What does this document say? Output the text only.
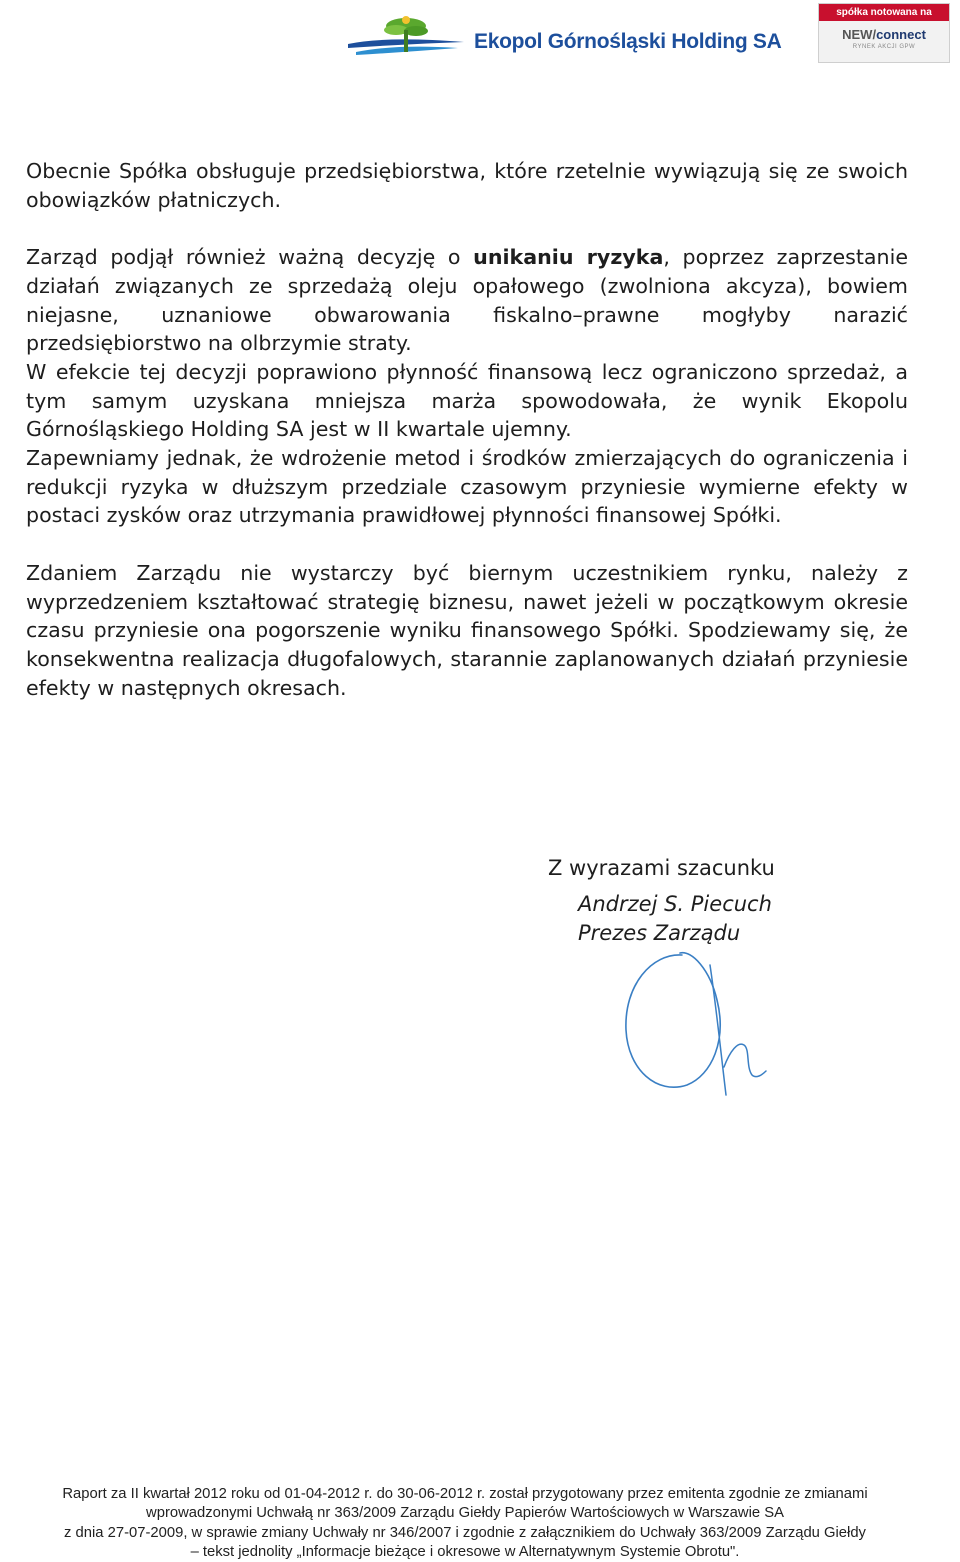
Ekopol Górnośląski Holding SA
spółka notowana na
NEW/connect
RYNEK AKCJI GPW

Obecnie Spółka obsługuje przedsiębiorstwa, które rzetelnie wywiązują się ze swoich obowiązków płatniczych.

Zarząd podjął również ważną decyzję o unikaniu ryzyka, poprzez zaprzestanie działań związanych ze sprzedażą oleju opałowego (zwolniona akcyza), bowiem niejasne, uznaniowe obwarowania fiskalno–prawne mogłyby narazić przedsiębiorstwo na olbrzymie straty.

W efekcie tej decyzji poprawiono płynność finansową lecz ograniczono sprzedaż, a tym samym uzyskana mniejsza marża spowodowała, że wynik Ekopolu Górnośląskiego Holding SA jest w II kwartale ujemny.

Zapewniamy jednak, że wdrożenie metod i środków zmierzających do ograniczenia i redukcji ryzyka w dłuższym przedziale czasowym przyniesie wymierne efekty w postaci zysków oraz utrzymania prawidłowej płynności finansowej Spółki.

Zdaniem Zarządu nie wystarczy być biernym uczestnikiem rynku, należy z wyprzedzeniem kształtować strategię biznesu, nawet jeżeli w początkowym okresie czasu przyniesie ona pogorszenie wyniku finansowego Spółki. Spodziewamy się, że konsekwentna realizacja długofalowych, starannie zaplanowanych działań przyniesie efekty w następnych okresach.

Z wyrazami szacunku
Andrzej S. Piecuch
Prezes Zarządu
Raport za II kwartał 2012 roku od 01-04-2012 r. do 30-06-2012 r. został przygotowany przez emitenta zgodnie ze zmianami
wprowadzonymi Uchwałą nr 363/2009 Zarządu Giełdy Papierów Wartościowych w Warszawie SA
z dnia 27-07-2009, w sprawie zmiany Uchwały nr 346/2007 i zgodnie z załącznikiem do Uchwały 363/2009 Zarządu Giełdy
– tekst jednolity „Informacje bieżące i okresowe w Alternatywnym Systemie Obrotu".
